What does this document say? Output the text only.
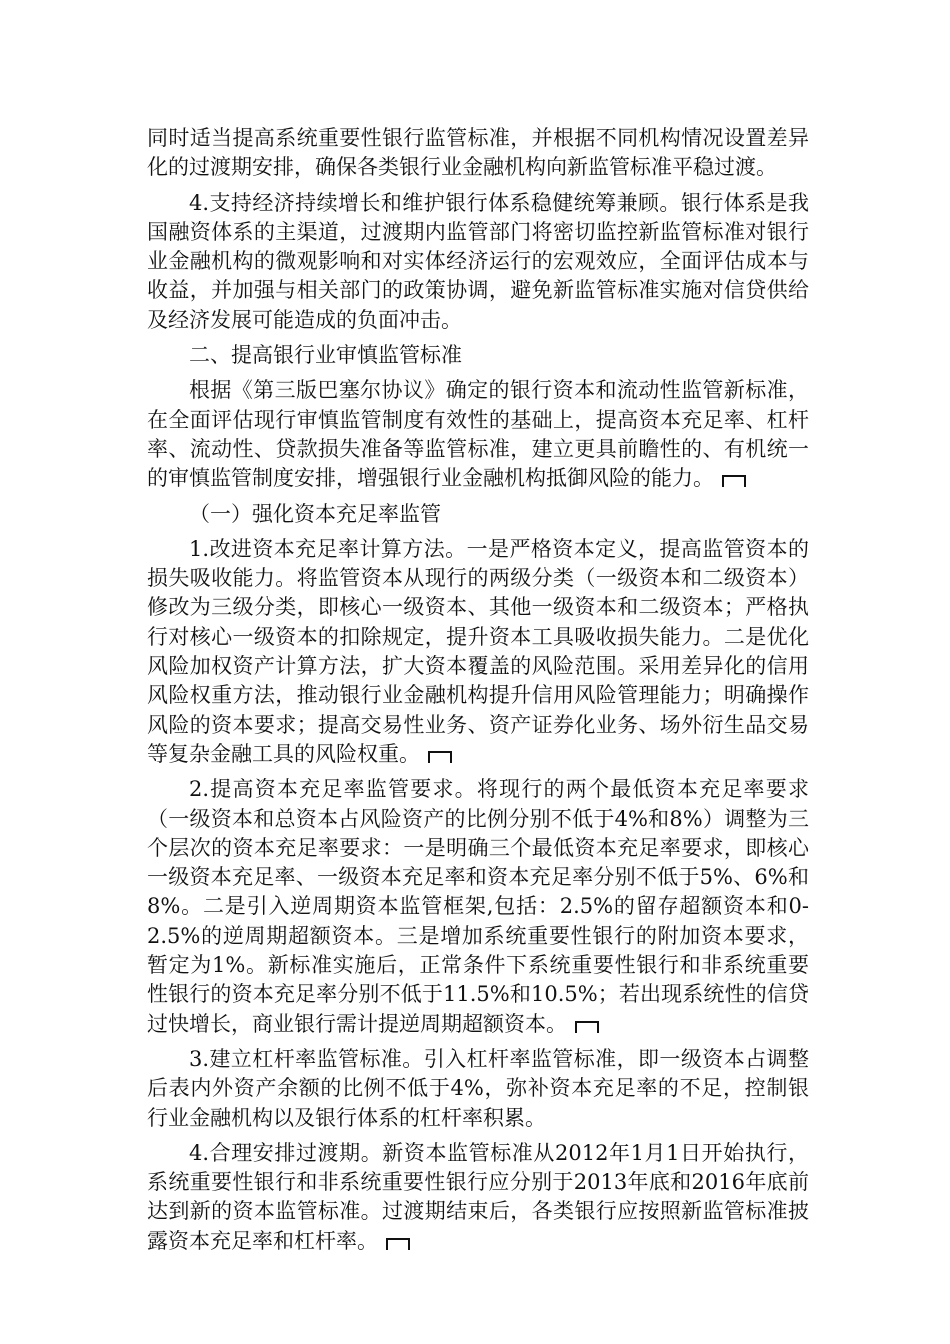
同时适当提高系统重要性银行监管标准，并根据不同机构情况设置差异化的过渡期安排，确保各类银行业金融机构向新监管标准平稳过渡。

4.支持经济持续增长和维护银行体系稳健统筹兼顾。银行体系是我国融资体系的主渠道，过渡期内监管部门将密切监控新监管标准对银行业金融机构的微观影响和对实体经济运行的宏观效应，全面评估成本与收益，并加强与相关部门的政策协调，避免新监管标准实施对信贷供给及经济发展可能造成的负面冲击。

二、提高银行业审慎监管标准

根据《第三版巴塞尔协议》确定的银行资本和流动性监管新标准，在全面评估现行审慎监管制度有效性的基础上，提高资本充足率、杠杆率、流动性、贷款损失准备等监管标准，建立更具前瞻性的、有机统一的审慎监管制度安排，增强银行业金融机构抵御风险的能力。

（一）强化资本充足率监管

1.改进资本充足率计算方法。一是严格资本定义，提高监管资本的损失吸收能力。将监管资本从现行的两级分类（一级资本和二级资本）修改为三级分类，即核心一级资本、其他一级资本和二级资本；严格执行对核心一级资本的扣除规定，提升资本工具吸收损失能力。二是优化风险加权资产计算方法，扩大资本覆盖的风险范围。采用差异化的信用风险权重方法，推动银行业金融机构提升信用风险管理能力；明确操作风险的资本要求；提高交易性业务、资产证券化业务、场外衍生品交易等复杂金融工具的风险权重。

2.提高资本充足率监管要求。将现行的两个最低资本充足率要求（一级资本和总资本占风险资产的比例分别不低于4%和8%）调整为三个层次的资本充足率要求：一是明确三个最低资本充足率要求，即核心一级资本充足率、一级资本充足率和资本充足率分别不低于5%、6%和8%。二是引入逆周期资本监管框架,包括：2.5%的留存超额资本和0-2.5%的逆周期超额资本。三是增加系统重要性银行的附加资本要求，暂定为1%。新标准实施后，正常条件下系统重要性银行和非系统重要性银行的资本充足率分别不低于11.5%和10.5%；若出现系统性的信贷过快增长，商业银行需计提逆周期超额资本。

3.建立杠杆率监管标准。引入杠杆率监管标准，即一级资本占调整后表内外资产余额的比例不低于4%，弥补资本充足率的不足，控制银行业金融机构以及银行体系的杠杆率积累。

4.合理安排过渡期。新资本监管标准从2012年1月1日开始执行，系统重要性银行和非系统重要性银行应分别于2013年底和2016年底前达到新的资本监管标准。过渡期结束后，各类银行应按照新监管标准披露资本充足率和杠杆率。
